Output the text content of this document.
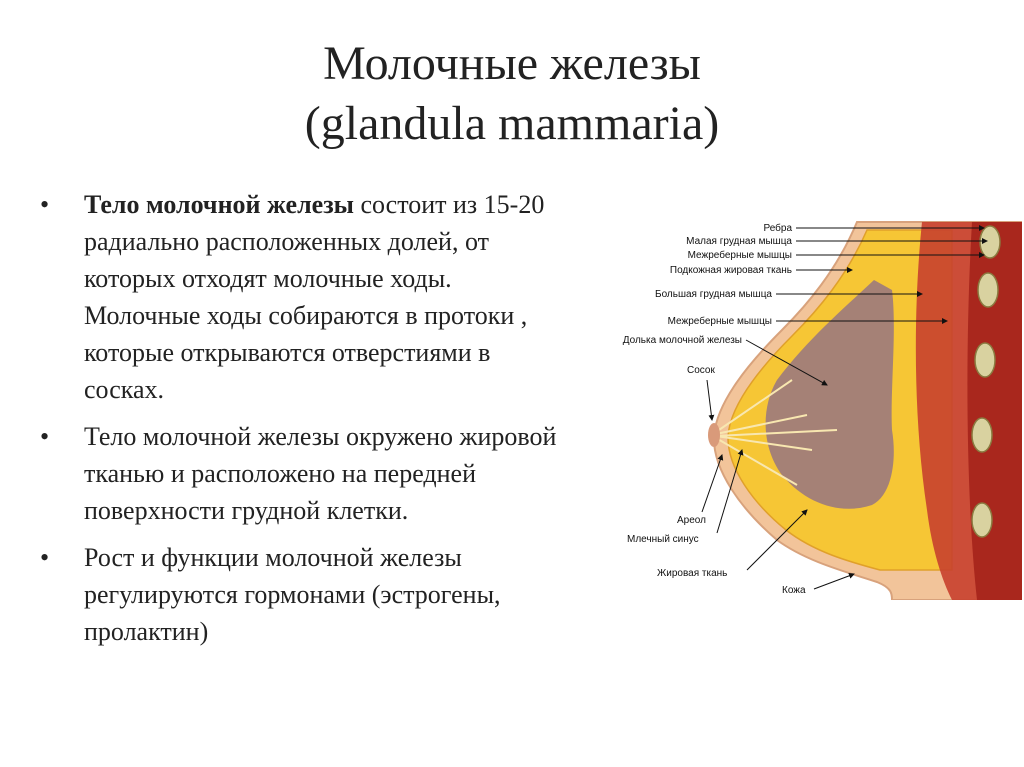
Молочные железы
(glandula mammaria)
• Тело молочной железы состоит из 15-20 радиально расположенных долей, от которых отходят молочные ходы. Молочные ходы собираются в протоки , которые открываются отверстиями в сосках.
• Тело молочной железы окружено жировой тканью и расположено на передней поверхности грудной клетки.
• Рост и функции молочной железы регулируются гормонами (эстрогены, пролактин)
Ребра
Малая грудная мышца
Межреберные мышцы
Подкожная жировая ткань
Большая грудная мышца
Межреберные мышцы
Долька молочной железы
Сосок
Ареол
Млечный синус
Жировая ткань
Кожа
